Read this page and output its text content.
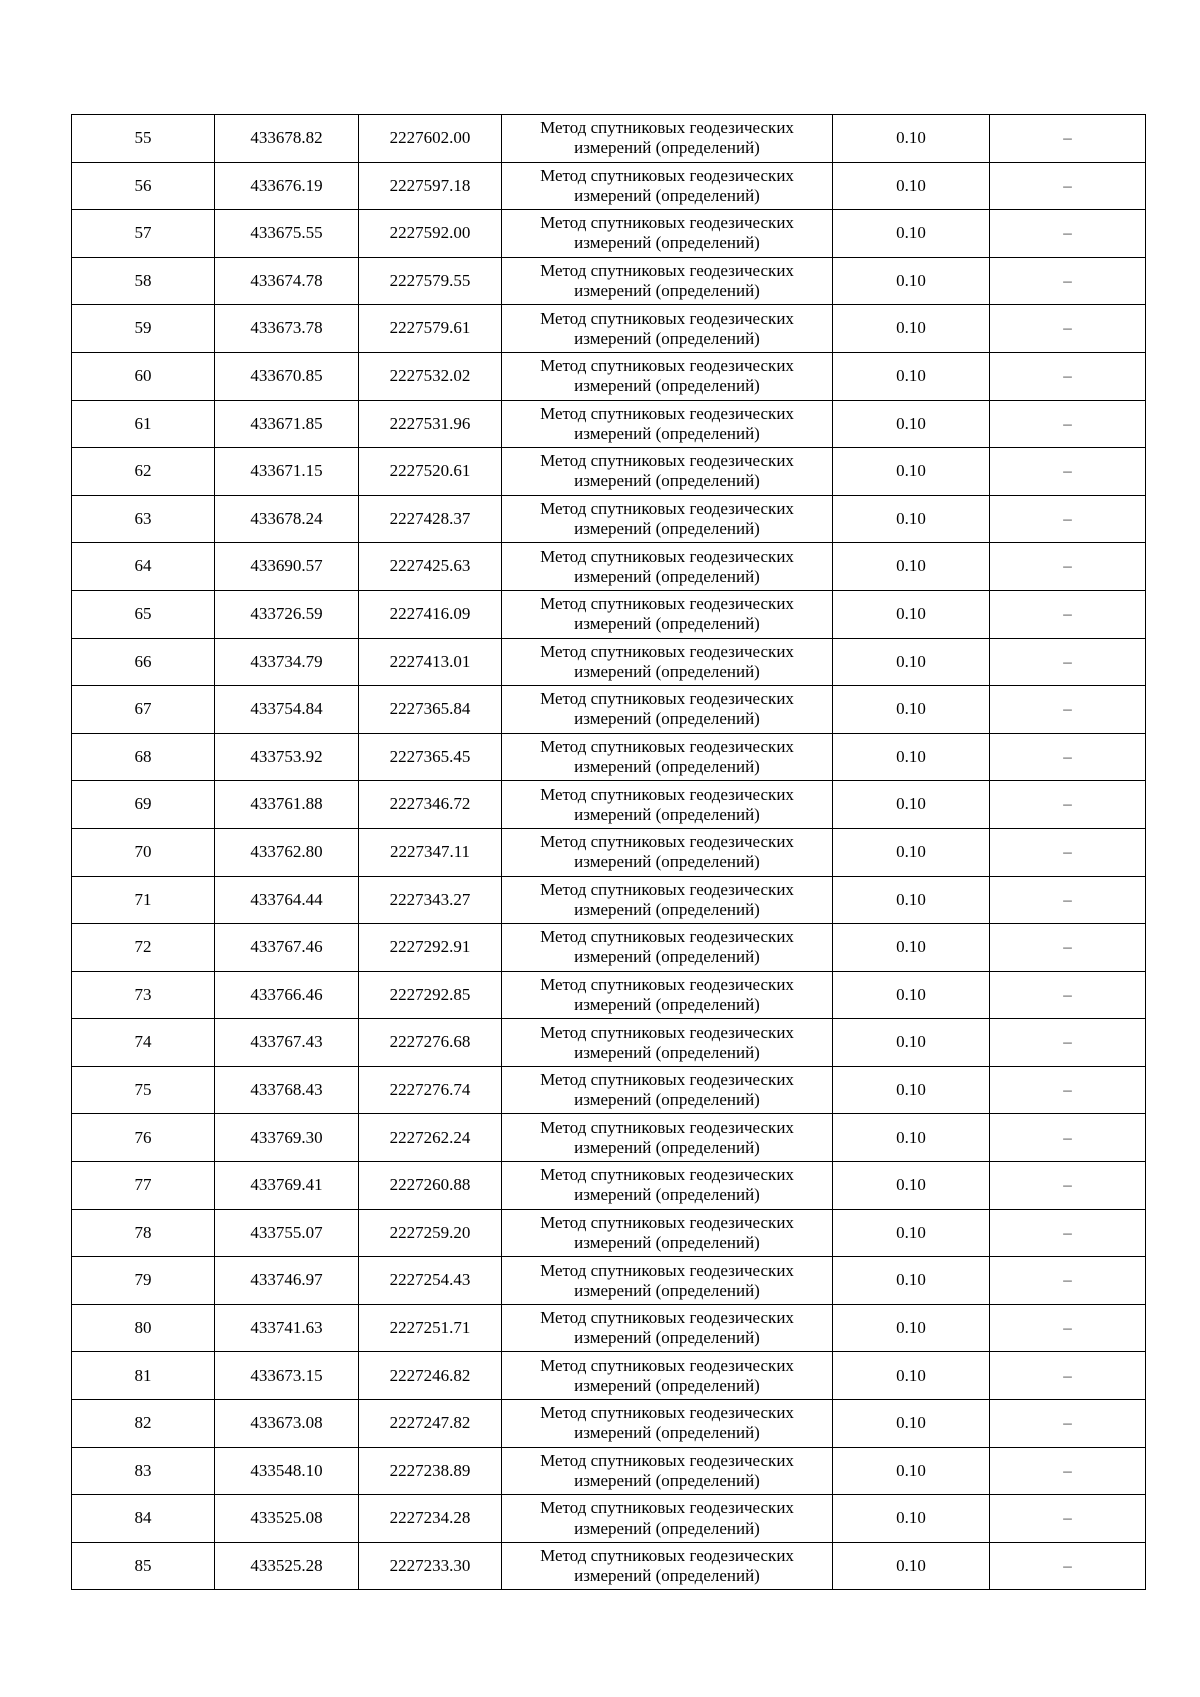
55	433678.82	2227602.00	Метод спутниковых геодезических измерений (определений)	0.10	–
56	433676.19	2227597.18	Метод спутниковых геодезических измерений (определений)	0.10	–
57	433675.55	2227592.00	Метод спутниковых геодезических измерений (определений)	0.10	–
58	433674.78	2227579.55	Метод спутниковых геодезических измерений (определений)	0.10	–
59	433673.78	2227579.61	Метод спутниковых геодезических измерений (определений)	0.10	–
60	433670.85	2227532.02	Метод спутниковых геодезических измерений (определений)	0.10	–
61	433671.85	2227531.96	Метод спутниковых геодезических измерений (определений)	0.10	–
62	433671.15	2227520.61	Метод спутниковых геодезических измерений (определений)	0.10	–
63	433678.24	2227428.37	Метод спутниковых геодезических измерений (определений)	0.10	–
64	433690.57	2227425.63	Метод спутниковых геодезических измерений (определений)	0.10	–
65	433726.59	2227416.09	Метод спутниковых геодезических измерений (определений)	0.10	–
66	433734.79	2227413.01	Метод спутниковых геодезических измерений (определений)	0.10	–
67	433754.84	2227365.84	Метод спутниковых геодезических измерений (определений)	0.10	–
68	433753.92	2227365.45	Метод спутниковых геодезических измерений (определений)	0.10	–
69	433761.88	2227346.72	Метод спутниковых геодезических измерений (определений)	0.10	–
70	433762.80	2227347.11	Метод спутниковых геодезических измерений (определений)	0.10	–
71	433764.44	2227343.27	Метод спутниковых геодезических измерений (определений)	0.10	–
72	433767.46	2227292.91	Метод спутниковых геодезических измерений (определений)	0.10	–
73	433766.46	2227292.85	Метод спутниковых геодезических измерений (определений)	0.10	–
74	433767.43	2227276.68	Метод спутниковых геодезических измерений (определений)	0.10	–
75	433768.43	2227276.74	Метод спутниковых геодезических измерений (определений)	0.10	–
76	433769.30	2227262.24	Метод спутниковых геодезических измерений (определений)	0.10	–
77	433769.41	2227260.88	Метод спутниковых геодезических измерений (определений)	0.10	–
78	433755.07	2227259.20	Метод спутниковых геодезических измерений (определений)	0.10	–
79	433746.97	2227254.43	Метод спутниковых геодезических измерений (определений)	0.10	–
80	433741.63	2227251.71	Метод спутниковых геодезических измерений (определений)	0.10	–
81	433673.15	2227246.82	Метод спутниковых геодезических измерений (определений)	0.10	–
82	433673.08	2227247.82	Метод спутниковых геодезических измерений (определений)	0.10	–
83	433548.10	2227238.89	Метод спутниковых геодезических измерений (определений)	0.10	–
84	433525.08	2227234.28	Метод спутниковых геодезических измерений (определений)	0.10	–
85	433525.28	2227233.30	Метод спутниковых геодезических измерений (определений)	0.10	–
